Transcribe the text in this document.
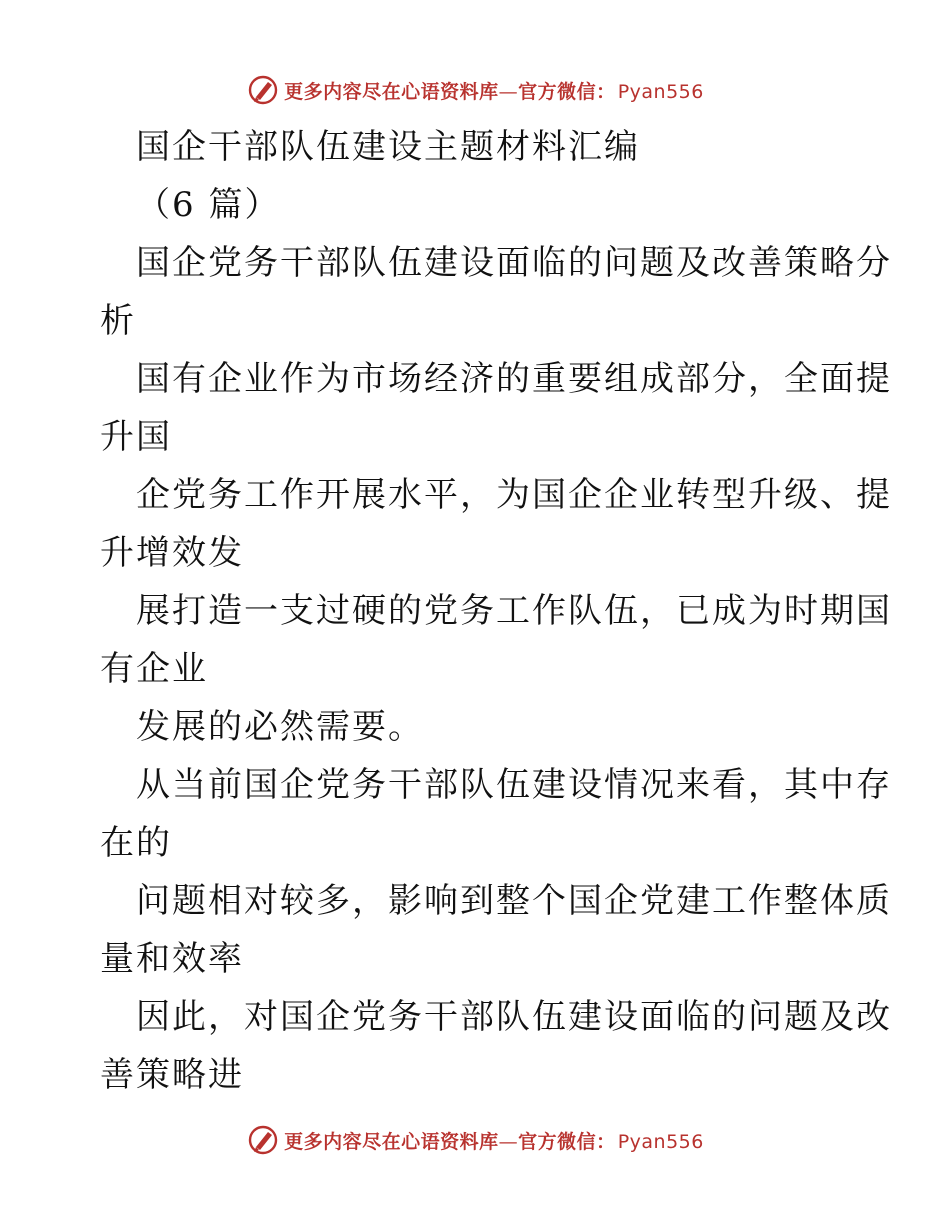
更多内容尽在心语资料库—官方微信： Pyan556
国企干部队伍建设主题材料汇编
（6 篇）
国企党务干部队伍建设面临的问题及改善策略分
析
国有企业作为市场经济的重要组成部分，全面提
升国
企党务工作开展水平，为国企企业转型升级、提
升增效发
展打造一支过硬的党务工作队伍，已成为时期国
有企业
发展的必然需要。
从当前国企党务干部队伍建设情况来看，其中存
在的
问题相对较多，影响到整个国企党建工作整体质
量和效率
因此，对国企党务干部队伍建设面临的问题及改
善策略进
更多内容尽在心语资料库—官方微信： Pyan556
